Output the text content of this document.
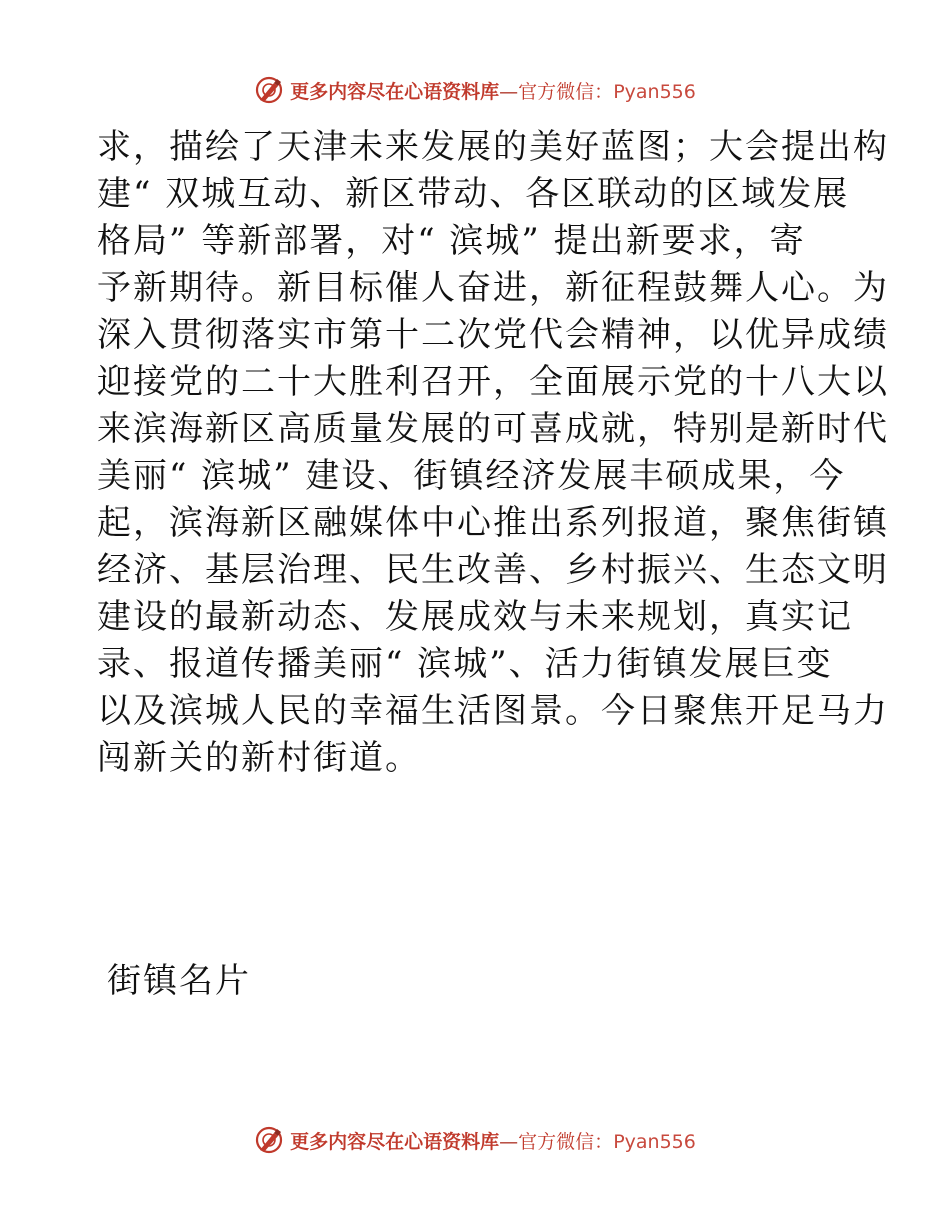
更多内容尽在心语资料库—官方微信：Pyan556
求，描绘了天津未来发展的美好蓝图；大会提出构
建“ 双城互动、新区带动、各区联动的区域发展
格局” 等新部署，对“ 滨城” 提出新要求，寄
予新期待。新目标催人奋进，新征程鼓舞人心。为
深入贯彻落实市第十二次党代会精神，以优异成绩
迎接党的二十大胜利召开，全面展示党的十八大以
来滨海新区高质量发展的可喜成就，特别是新时代
美丽“ 滨城” 建设、街镇经济发展丰硕成果，今
起，滨海新区融媒体中心推出系列报道，聚焦街镇
经济、基层治理、民生改善、乡村振兴、生态文明
建设的最新动态、发展成效与未来规划，真实记
录、报道传播美丽“ 滨城”、活力街镇发展巨变
以及滨城人民的幸福生活图景。今日聚焦开足马力
闯新关的新村街道。
街镇名片
更多内容尽在心语资料库—官方微信：Pyan556
